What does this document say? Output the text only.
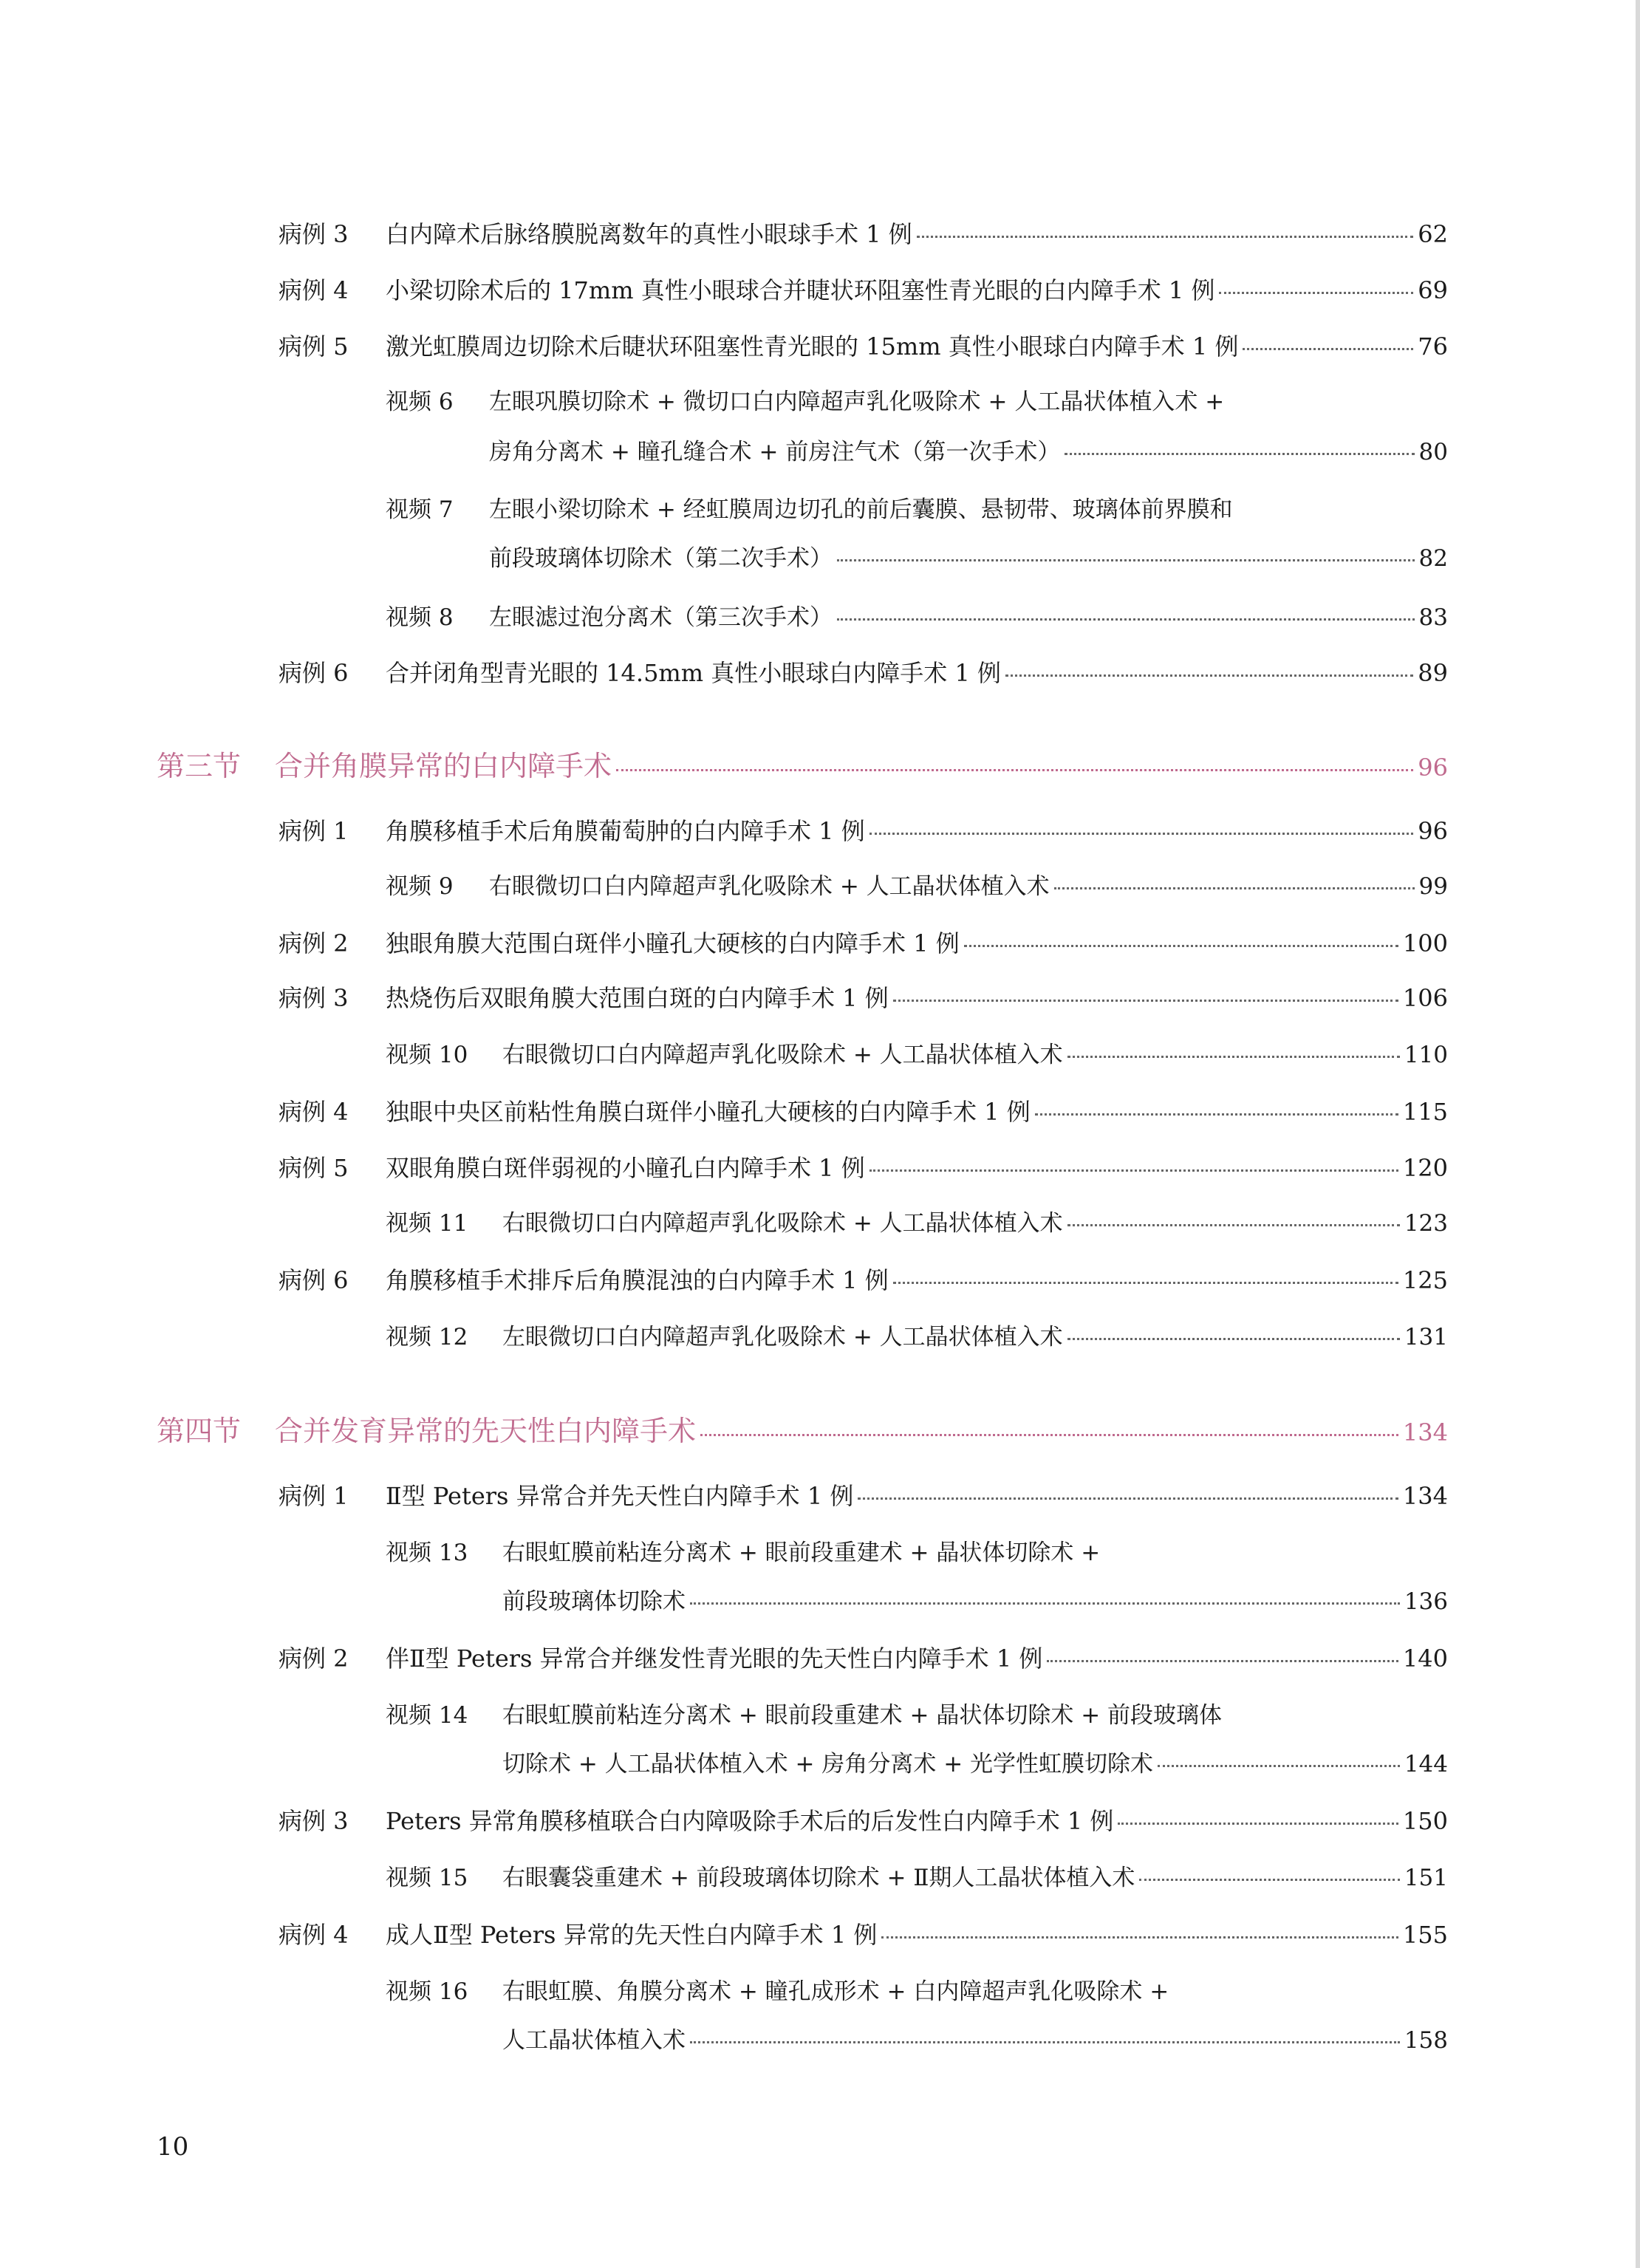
病例 3	白内障术后脉络膜脱离数年的真性小眼球手术 1 例	62
病例 4	小梁切除术后的 17mm 真性小眼球合并睫状环阻塞性青光眼的白内障手术 1 例	69
病例 5	激光虹膜周边切除术后睫状环阻塞性青光眼的 15mm 真性小眼球白内障手术 1 例	76
视频 6 左眼巩膜切除术 + 微切口白内障超声乳化吸除术 + 人工晶状体植入术 +
房角分离术 + 瞳孔缝合术 + 前房注气术（第一次手术）	80
视频 7 左眼小梁切除术 + 经虹膜周边切孔的前后囊膜、悬韧带、玻璃体前界膜和
前段玻璃体切除术（第二次手术）	82
视频 8	左眼滤过泡分离术（第三次手术）	83
病例 6	合并闭角型青光眼的 14.5mm 真性小眼球白内障手术 1 例	89
第三节	合并角膜异常的白内障手术	96
病例 1	角膜移植手术后角膜葡萄肿的白内障手术 1 例	96
视频 9	右眼微切口白内障超声乳化吸除术 + 人工晶状体植入术	99
病例 2	独眼角膜大范围白斑伴小瞳孔大硬核的白内障手术 1 例	100
病例 3	热烧伤后双眼角膜大范围白斑的白内障手术 1 例	106
视频 10	右眼微切口白内障超声乳化吸除术 + 人工晶状体植入术	110
病例 4	独眼中央区前粘性角膜白斑伴小瞳孔大硬核的白内障手术 1 例	115
病例 5	双眼角膜白斑伴弱视的小瞳孔白内障手术 1 例	120
视频 11	右眼微切口白内障超声乳化吸除术 + 人工晶状体植入术	123
病例 6	角膜移植手术排斥后角膜混浊的白内障手术 1 例	125
视频 12	左眼微切口白内障超声乳化吸除术 + 人工晶状体植入术	131
第四节	合并发育异常的先天性白内障手术	134
病例 1	Ⅱ型 Peters 异常合并先天性白内障手术 1 例	134
视频 13 右眼虹膜前粘连分离术 + 眼前段重建术 + 晶状体切除术 +
前段玻璃体切除术	136
病例 2	伴Ⅱ型 Peters 异常合并继发性青光眼的先天性白内障手术 1 例	140
视频 14 右眼虹膜前粘连分离术 + 眼前段重建术 + 晶状体切除术 + 前段玻璃体
切除术 + 人工晶状体植入术 + 房角分离术 + 光学性虹膜切除术	144
病例 3	Peters 异常角膜移植联合白内障吸除手术后的后发性白内障手术 1 例	150
视频 15	右眼囊袋重建术 + 前段玻璃体切除术 + Ⅱ期人工晶状体植入术	151
病例 4	成人Ⅱ型 Peters 异常的先天性白内障手术 1 例	155
视频 16 右眼虹膜、角膜分离术 + 瞳孔成形术 + 白内障超声乳化吸除术 +
人工晶状体植入术	158
10
